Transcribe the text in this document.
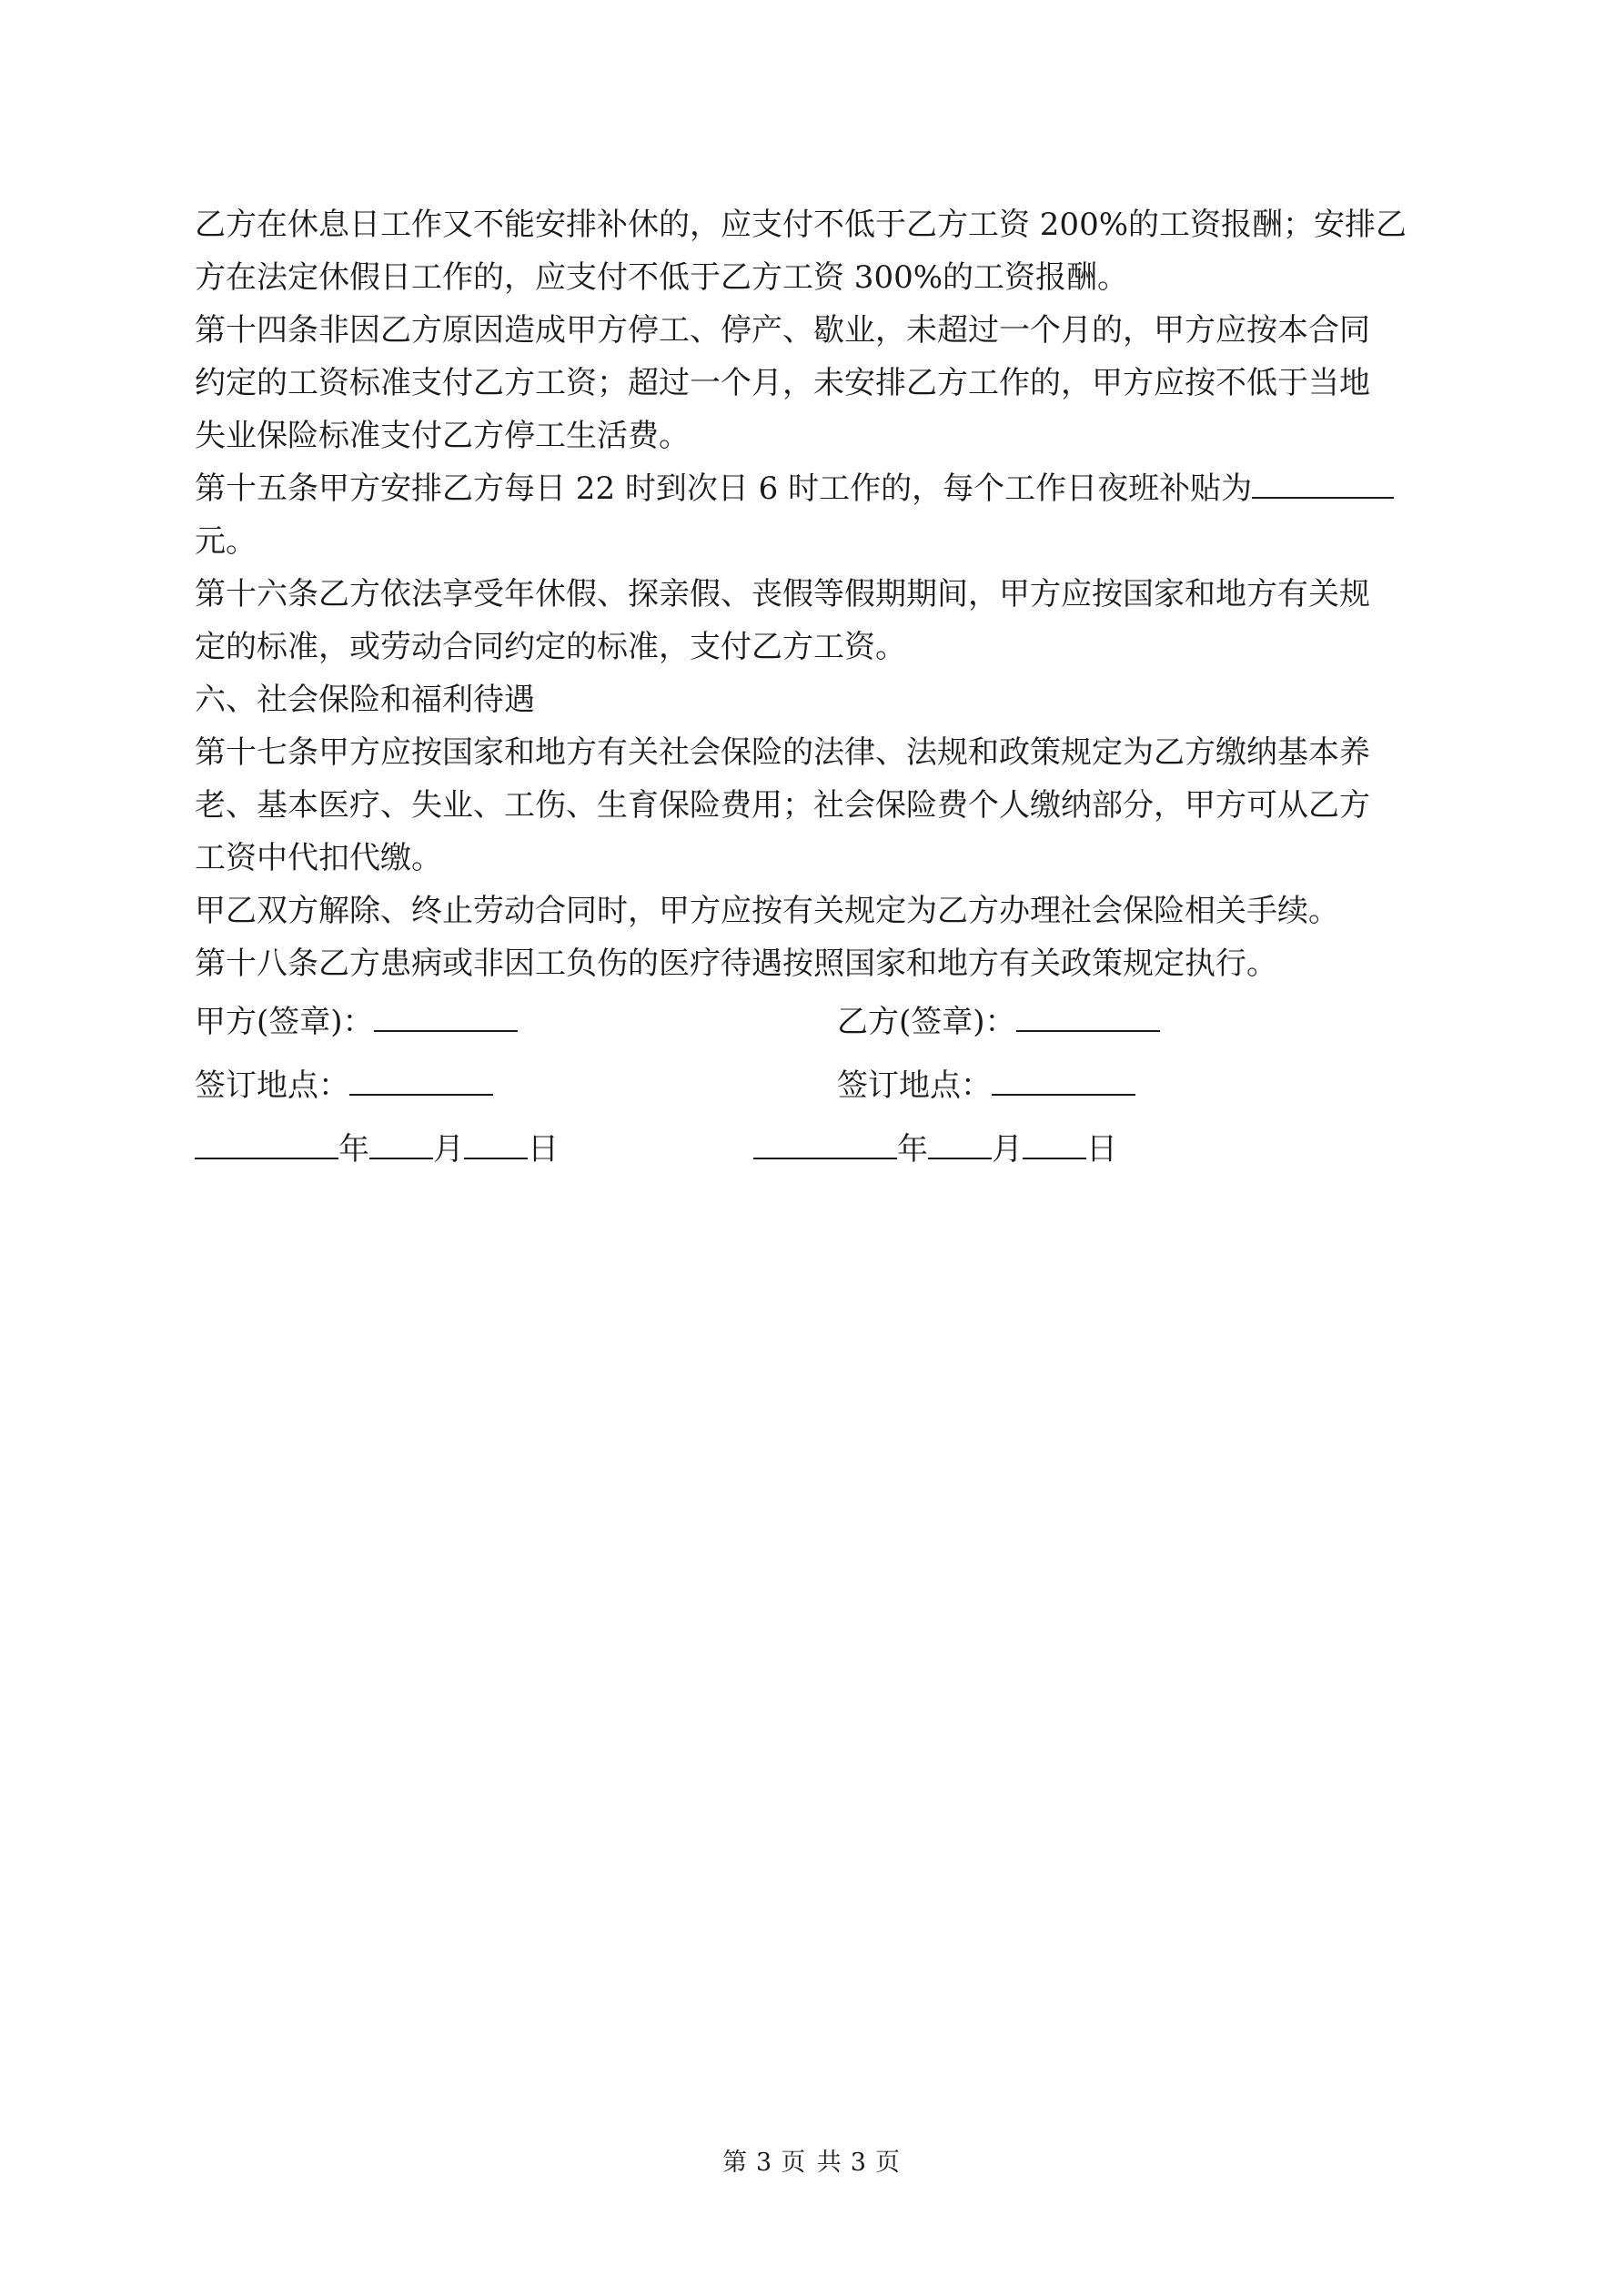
乙方在休息日工作又不能安排补休的，应支付不低于乙方工资 200%的工资报酬；安排乙
方在法定休假日工作的，应支付不低于乙方工资 300%的工资报酬。
第十四条非因乙方原因造成甲方停工、停产、歇业，未超过一个月的，甲方应按本合同
约定的工资标准支付乙方工资；超过一个月，未安排乙方工作的，甲方应按不低于当地
失业保险标准支付乙方停工生活费。
第十五条甲方安排乙方每日 22 时到次日 6 时工作的，每个工作日夜班补贴为
元。
第十六条乙方依法享受年休假、探亲假、丧假等假期期间，甲方应按国家和地方有关规
定的标准，或劳动合同约定的标准，支付乙方工资。
六、社会保险和福利待遇
第十七条甲方应按国家和地方有关社会保险的法律、法规和政策规定为乙方缴纳基本养
老、基本医疗、失业、工伤、生育保险费用；社会保险费个人缴纳部分，甲方可从乙方
工资中代扣代缴。
甲乙双方解除、终止劳动合同时，甲方应按有关规定为乙方办理社会保险相关手续。
第十八条乙方患病或非因工负伤的医疗待遇按照国家和地方有关政策规定执行。
甲方(签章)：	乙方(签章)：
签订地点：	签订地点：
年 月 日	年 月 日
第 3 页 共 3 页
